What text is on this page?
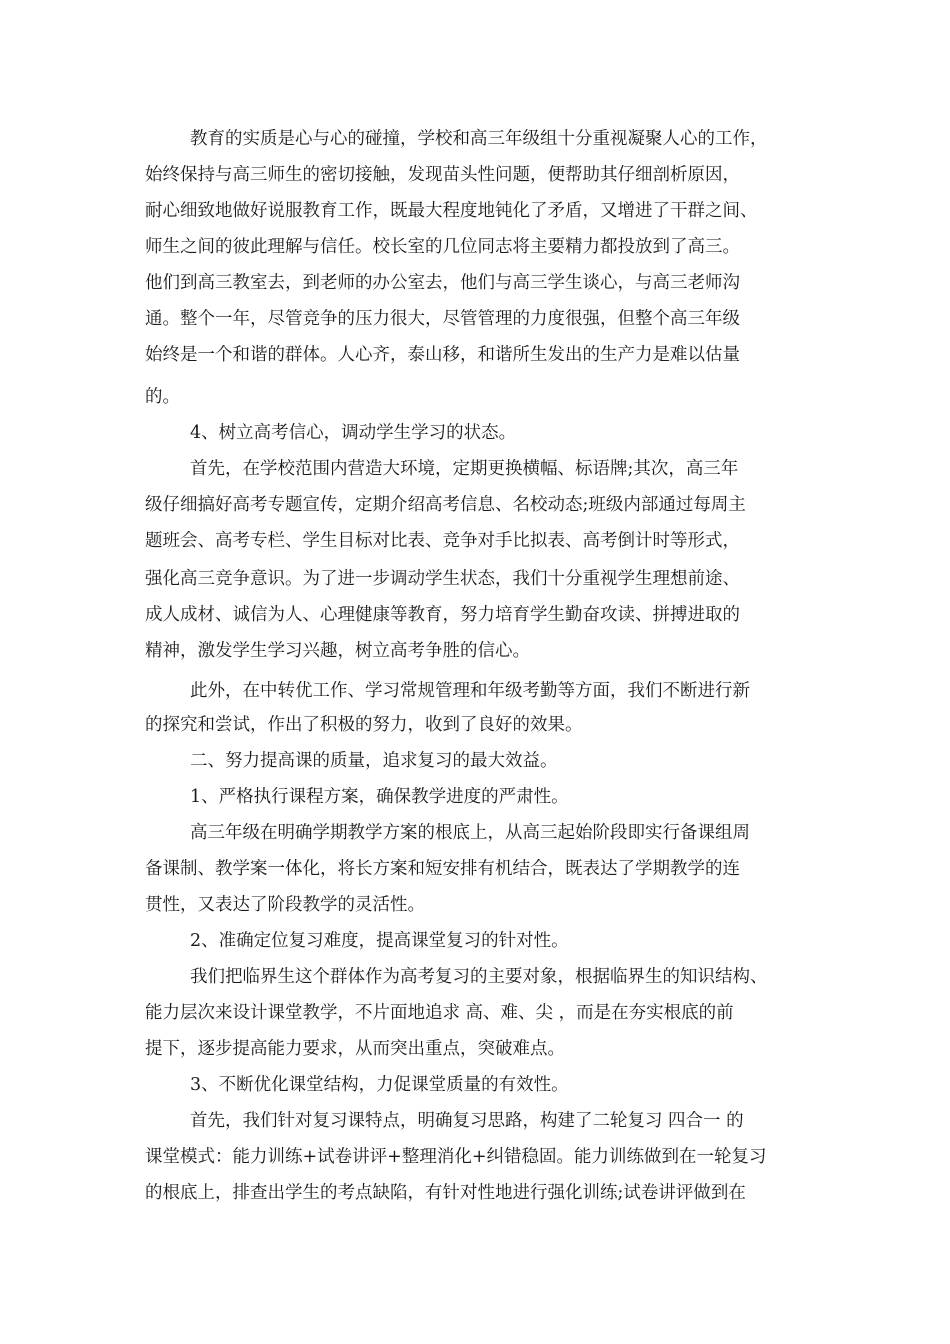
教育的实质是心与心的碰撞，学校和高三年级组十分重视凝聚人心的工作，
始终保持与高三师生的密切接触，发现苗头性问题，便帮助其仔细剖析原因，
耐心细致地做好说服教育工作，既最大程度地钝化了矛盾，又增进了干群之间、
师生之间的彼此理解与信任。校长室的几位同志将主要精力都投放到了高三。
他们到高三教室去，到老师的办公室去，他们与高三学生谈心，与高三老师沟
通。整个一年，尽管竞争的压力很大，尽管管理的力度很强，但整个高三年级
始终是一个和谐的群体。人心齐，泰山移，和谐所生发出的生产力是难以估量
的。
4、树立高考信心，调动学生学习的状态。
首先，在学校范围内营造大环境，定期更换横幅、标语牌;其次，高三年
级仔细搞好高考专题宣传，定期介绍高考信息、名校动态;班级内部通过每周主
题班会、高考专栏、学生目标对比表、竞争对手比拟表、高考倒计时等形式，
强化高三竞争意识。为了进一步调动学生状态，我们十分重视学生理想前途、
成人成材、诚信为人、心理健康等教育，努力培育学生勤奋攻读、拼搏进取的
精神，激发学生学习兴趣，树立高考争胜的信心。
此外，在中转优工作、学习常规管理和年级考勤等方面，我们不断进行新
的探究和尝试，作出了积极的努力，收到了良好的效果。
二、努力提高课的质量，追求复习的最大效益。
1、严格执行课程方案，确保教学进度的严肃性。
高三年级在明确学期教学方案的根底上，从高三起始阶段即实行备课组周
备课制、教学案一体化，将长方案和短安排有机结合，既表达了学期教学的连
贯性，又表达了阶段教学的灵活性。
2、准确定位复习难度，提高课堂复习的针对性。
我们把临界生这个群体作为高考复习的主要对象，根据临界生的知识结构、
能力层次来设计课堂教学，不片面地追求 高、难、尖 ，而是在夯实根底的前
提下，逐步提高能力要求，从而突出重点，突破难点。
3、不断优化课堂结构，力促课堂质量的有效性。
首先，我们针对复习课特点，明确复习思路，构建了二轮复习 四合一 的
课堂模式：能力训练+试卷讲评+整理消化+纠错稳固。能力训练做到在一轮复习
的根底上，排查出学生的考点缺陷，有针对性地进行强化训练;试卷讲评做到在
